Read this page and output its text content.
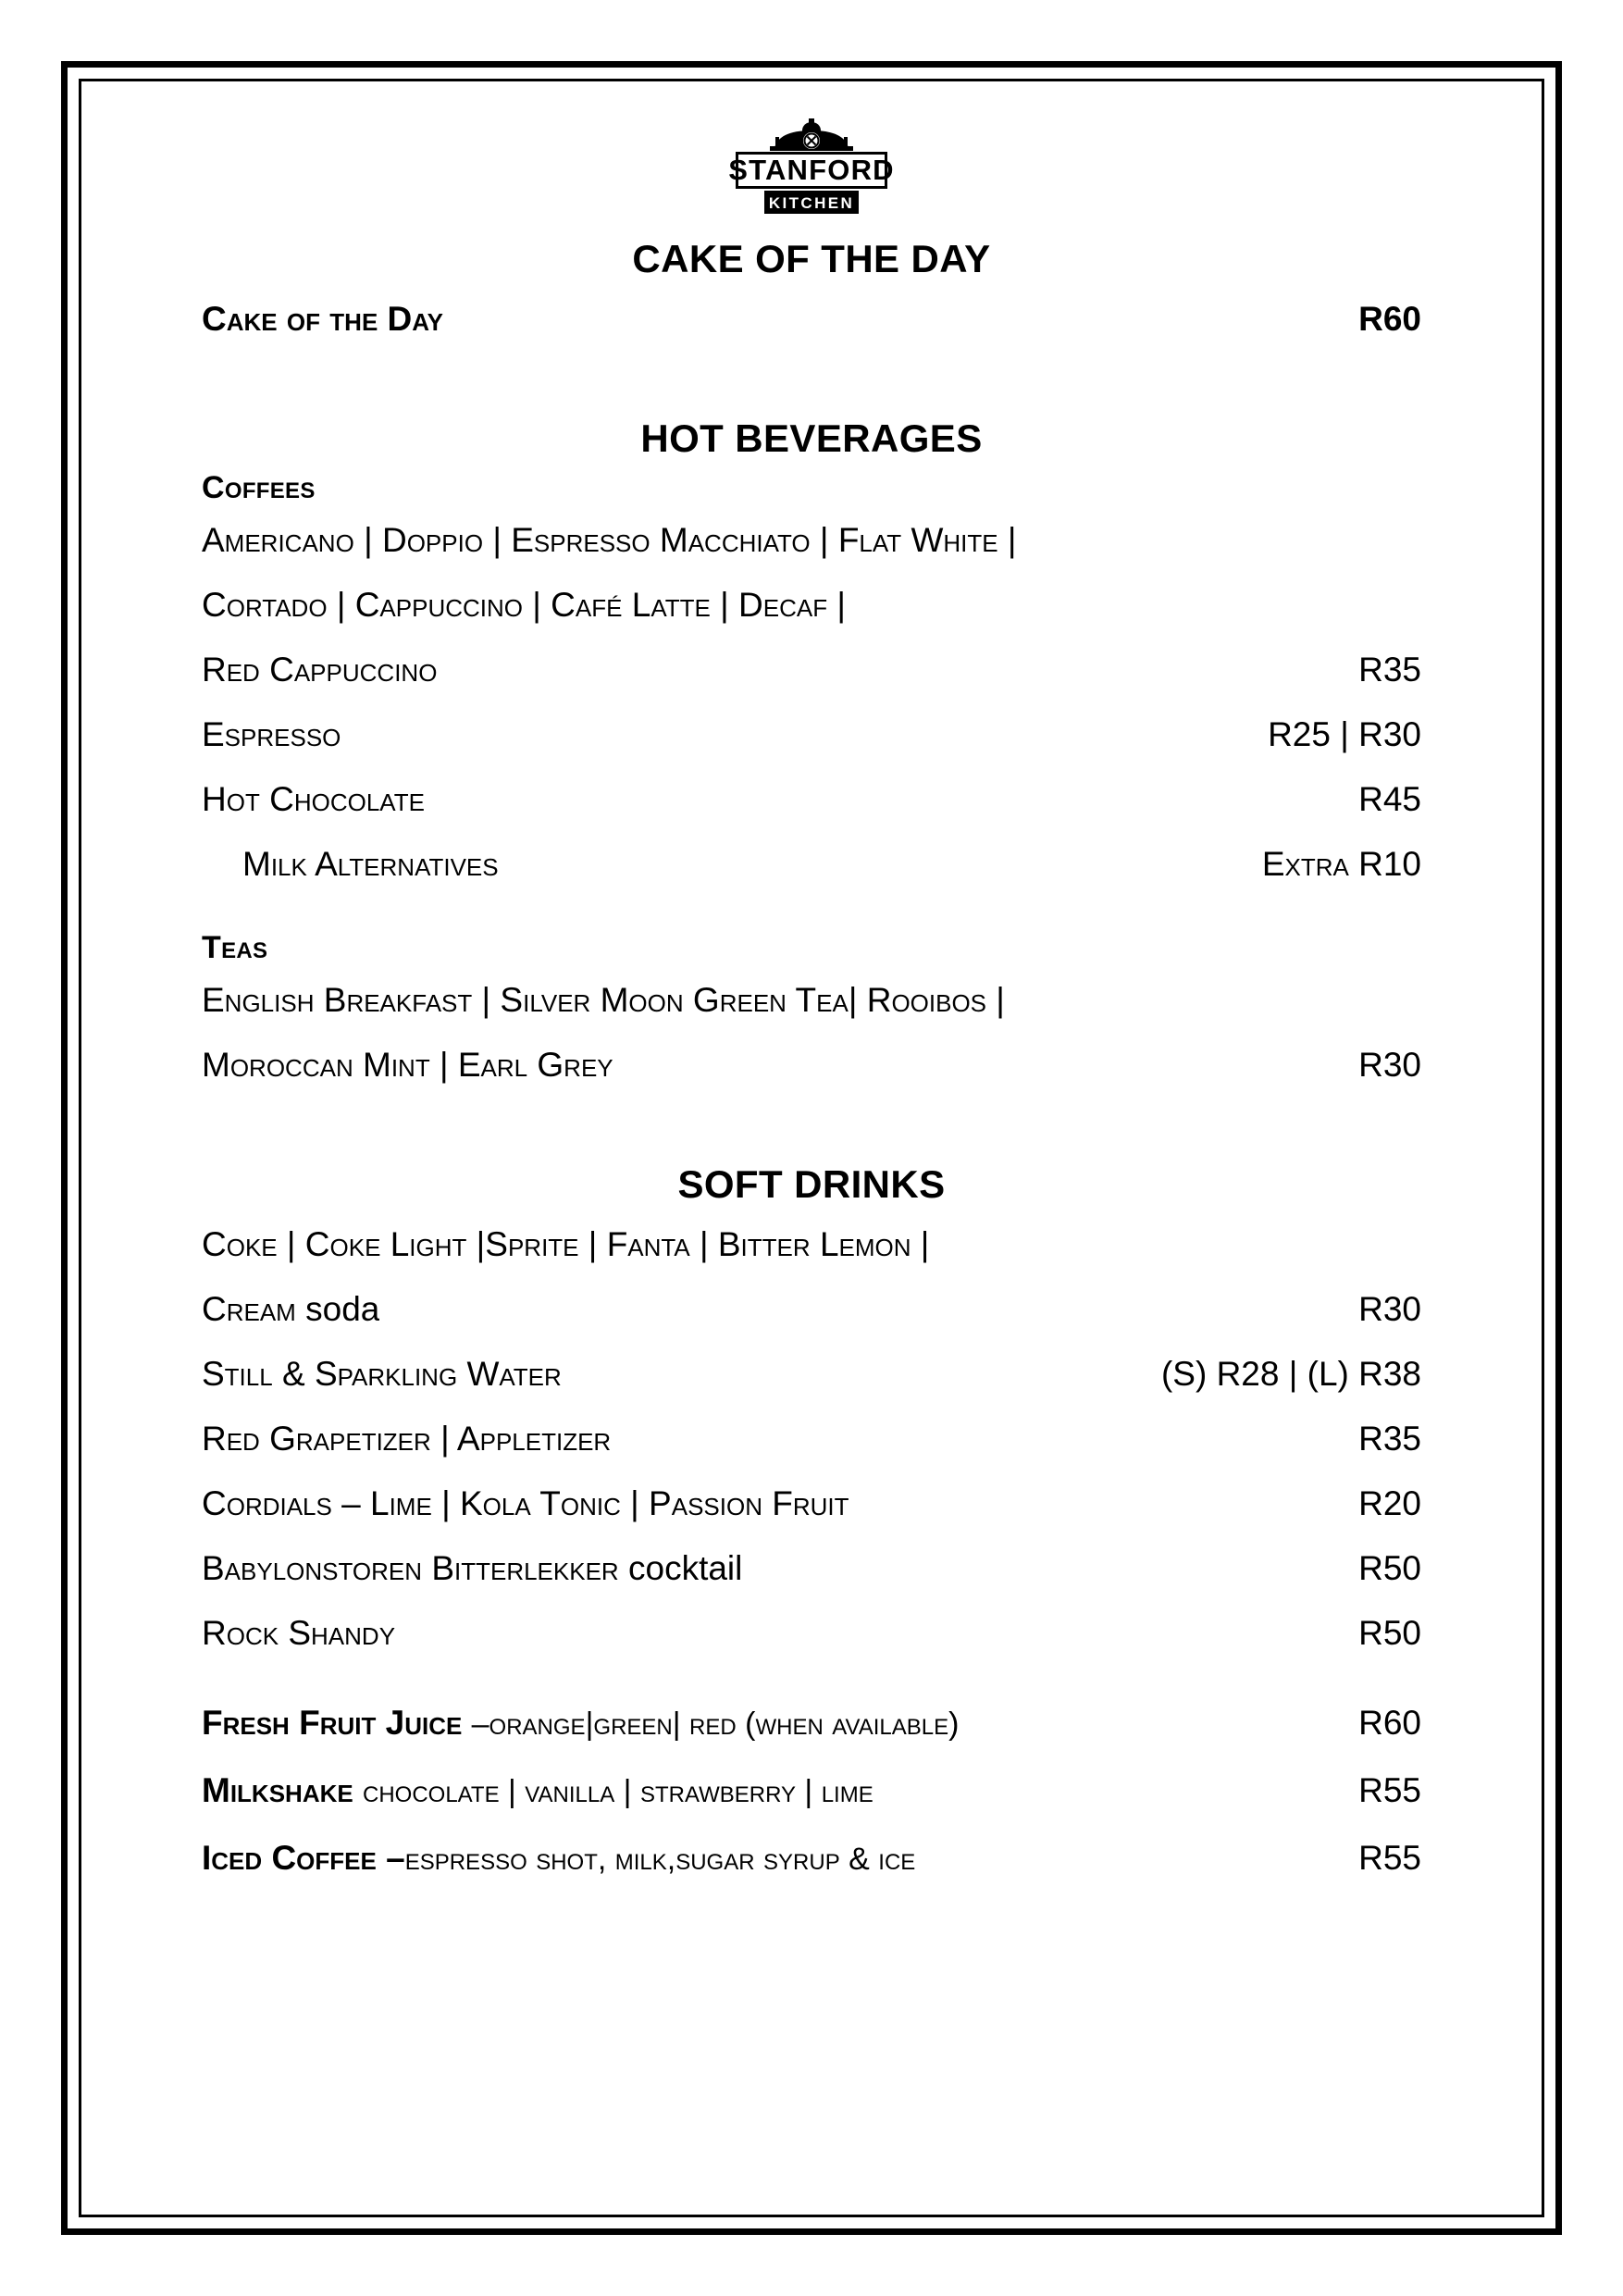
STANFORD
KITCHEN
CAKE OF THE DAY
Cake of the Day	R60
HOT BEVERAGES
Coffees
Americano | Doppio | Espresso Macchiato | Flat White |
Cortado | Cappuccino | Café Latte | Decaf |
Red Cappuccino	R35
Espresso	R25 | R30
Hot Chocolate	R45
Milk Alternatives	Extra R10
Teas
English Breakfast | Silver Moon Green Tea| Rooibos |
Moroccan Mint | Earl Grey	R30
SOFT DRINKS
Coke | Coke Light |Sprite | Fanta | Bitter Lemon |
Cream soda	R30
Still & Sparkling Water	(S) R28 | (L) R38
Red Grapetizer | Appletizer	R35
Cordials – Lime | Kola Tonic | Passion Fruit	R20
Babylonstoren Bitterlekker cocktail	R50
Rock Shandy	R50
Fresh Fruit Juice –orange|green| red (when available)	R60
Milkshake chocolate | vanilla | strawberry | lime	R55
Iced Coffee –espresso shot, milk,sugar syrup & ice	R55
